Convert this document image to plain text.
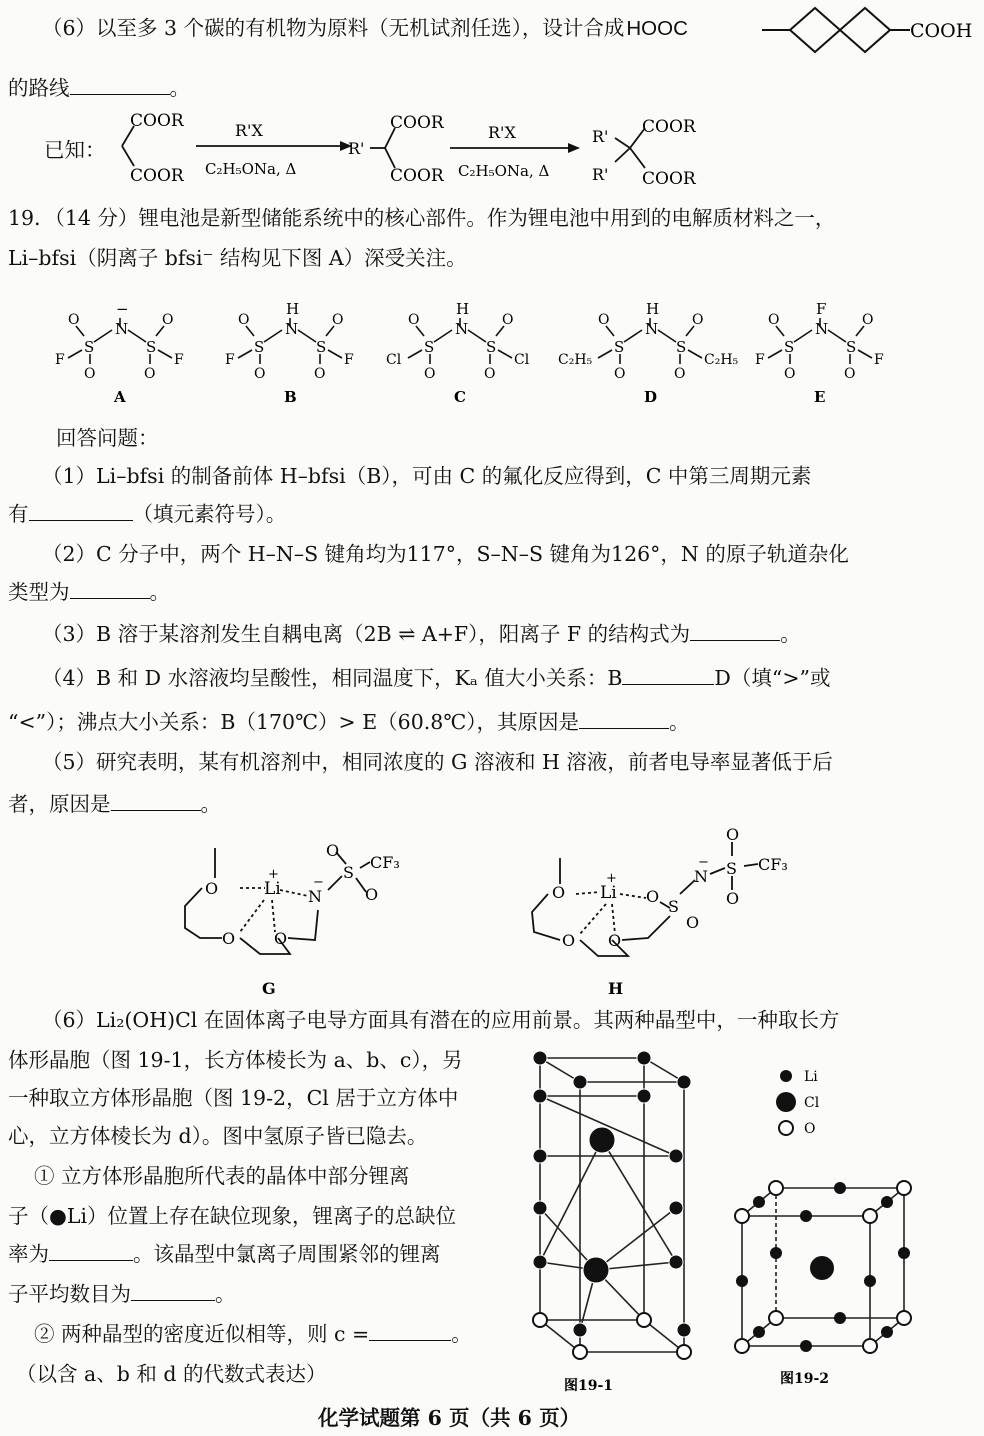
（6）以至多 3 个碳的有机物为原料（无机试剂任选），设计合成HOOC	COOH
的路线	。
已知：
COOR
COOR
R'X
C₂H₅ONa, Δ
R'
COOR
COOR
R'X
C₂H₅ONa, Δ
R'
R'
COOR
COOR
19．（14 分）锂电池是新型储能系统中的核心部件。作为锂电池中用到的电解质材料之一，
Li–bfsi（阴离子 bfsi⁻ 结构见下图 A）深受关注。
−
N
S	S
O	O
O	O
F	F
A
H
N
S	S
O	O
O	O
F	F
B
H
N
S	S
O	O
O	O
Cl	Cl
C
H
N
S	S
O	O
O	O
C₂H₅	C₂H₅
D
F
N
S	S
O	O
O	O
F	F
E
回答问题：
（1）Li–bfsi 的制备前体 H–bfsi（B），可由 C 的氟化反应得到，C 中第三周期元素
有	（填元素符号）。
（2）C 分子中，两个 H–N–S 键角均为117°，S–N–S 键角为126°，N 的原子轨道杂化
类型为	。
（3）B 溶于某溶剂发生自耦电离（2B ⇌ A+F），阳离子 F 的结构式为	。
（4）B 和 D 水溶液均呈酸性，相同温度下，Kₐ 值大小关系：B	D（填“>”或
“<”）；沸点大小关系：B（170℃）> E（60.8℃），其原因是	。
（5）研究表明，某有机溶剂中，相同浓度的 G 溶液和 H 溶液，前者电导率显著低于后
者，原因是	。
O	Li
+
N
−
S
O
O
CF₃
O O
G
O Li
+
O
S
O
N
− S
O
O
CF₃
O O
H
（6）Li₂(OH)Cl 在固体离子电导方面具有潜在的应用前景。其两种晶型中，一种取长方
体形晶胞（图 19-1，长方体棱长为 a、b、c），另
一种取立方体形晶胞（图 19-2，Cl 居于立方体中
心，立方体棱长为 d）。图中氢原子皆已隐去。
① 立方体形晶胞所代表的晶体中部分锂离
子（●Li）位置上存在缺位现象，锂离子的总缺位
率为	。该晶型中氯离子周围紧邻的锂离
子平均数目为	。
② 两种晶型的密度近似相等，则 c =	。
（以含 a、b 和 d 的代数式表达）	图19-1
Li
Cl
O
图19-2
化学试题第 6 页（共 6 页）
